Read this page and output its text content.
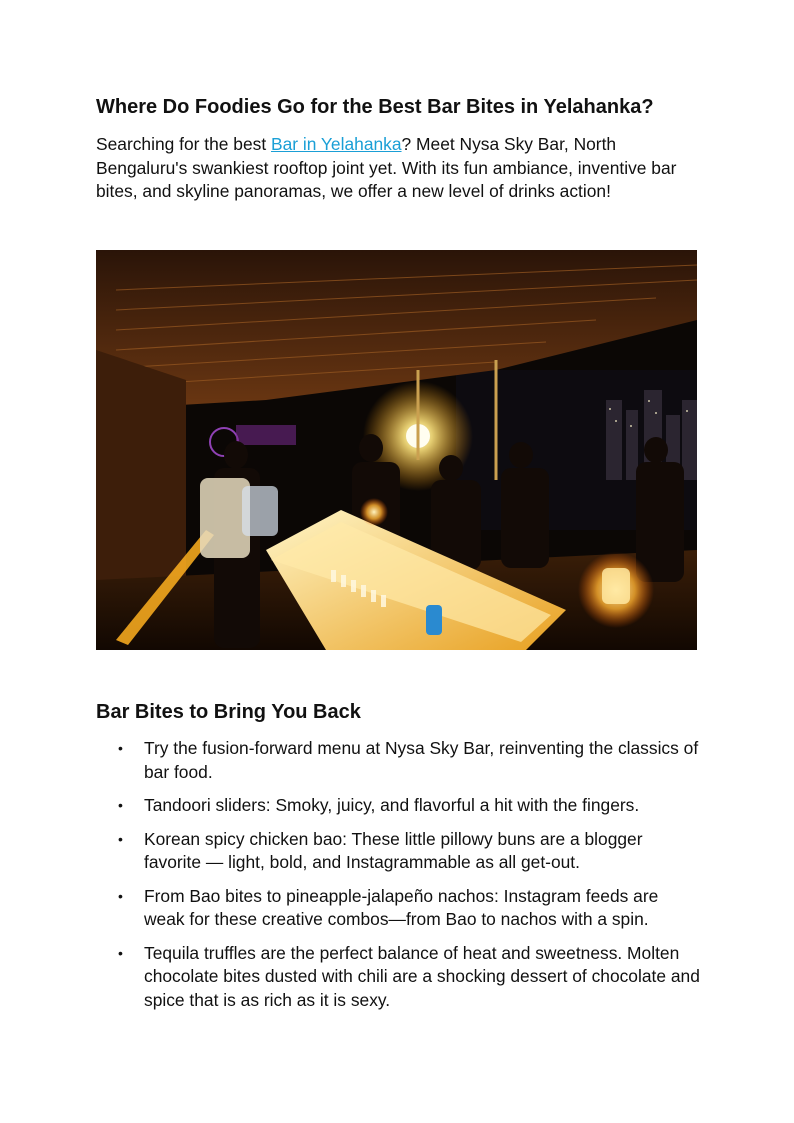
Where Do Foodies Go for the Best Bar Bites in Yelahanka?

Searching for the best Bar in Yelahanka? Meet Nysa Sky Bar, North Bengaluru's swankiest rooftop joint yet. With its fun ambiance, inventive bar bites, and skyline panoramas, we offer a new level of drinks action!

Bar Bites to Bring You Back
• Try the fusion-forward menu at Nysa Sky Bar, reinventing the classics of bar food.
• Tandoori sliders: Smoky, juicy, and flavorful a hit with the fingers.
• Korean spicy chicken bao: These little pillowy buns are a blogger favorite — light, bold, and Instagrammable as all get-out.
• From Bao bites to pineapple-jalapeño nachos: Instagram feeds are weak for these creative combos—from Bao to nachos with a spin.
• Tequila truffles are the perfect balance of heat and sweetness. Molten chocolate bites dusted with chili are a shocking dessert of chocolate and spice that is as rich as it is sexy.
